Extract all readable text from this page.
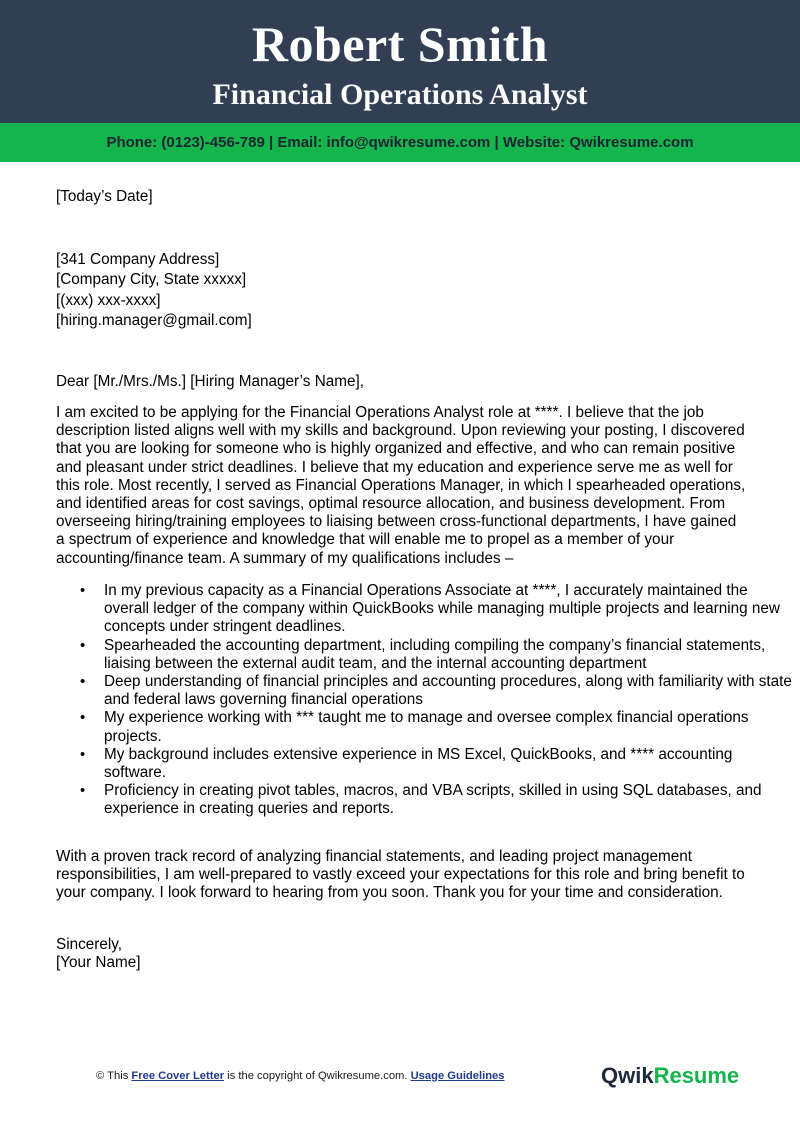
Robert Smith
Financial Operations Analyst
Phone: (0123)-456-789 | Email: info@qwikresume.com | Website: Qwikresume.com
[Today’s Date]
[341 Company Address]
[Company City, State xxxxx]
[(xxx) xxx-xxxx]
[hiring.manager@gmail.com]
Dear [Mr./Mrs./Ms.] [Hiring Manager’s Name],
I am excited to be applying for the Financial Operations Analyst role at ****. I believe that the job description listed aligns well with my skills and background. Upon reviewing your posting, I discovered that you are looking for someone who is highly organized and effective, and who can remain positive and pleasant under strict deadlines. I believe that my education and experience serve me as well for this role. Most recently, I served as Financial Operations Manager, in which I spearheaded operations, and identified areas for cost savings, optimal resource allocation, and business development. From overseeing hiring/training employees to liaising between cross-functional departments, I have gained a spectrum of experience and knowledge that will enable me to propel as a member of your accounting/finance team. A summary of my qualifications includes –
• In my previous capacity as a Financial Operations Associate at ****, I accurately maintained the overall ledger of the company within QuickBooks while managing multiple projects and learning new concepts under stringent deadlines.
• Spearheaded the accounting department, including compiling the company’s financial statements, liaising between the external audit team, and the internal accounting department
• Deep understanding of financial principles and accounting procedures, along with familiarity with state and federal laws governing financial operations
• My experience working with *** taught me to manage and oversee complex financial operations projects.
• My background includes extensive experience in MS Excel, QuickBooks, and **** accounting software.
• Proficiency in creating pivot tables, macros, and VBA scripts, skilled in using SQL databases, and experience in creating queries and reports.
With a proven track record of analyzing financial statements, and leading project management responsibilities, I am well-prepared to vastly exceed your expectations for this role and bring benefit to your company. I look forward to hearing from you soon. Thank you for your time and consideration.
Sincerely,
[Your Name]
© This Free Cover Letter is the copyright of Qwikresume.com. Usage Guidelines	QwikResume
